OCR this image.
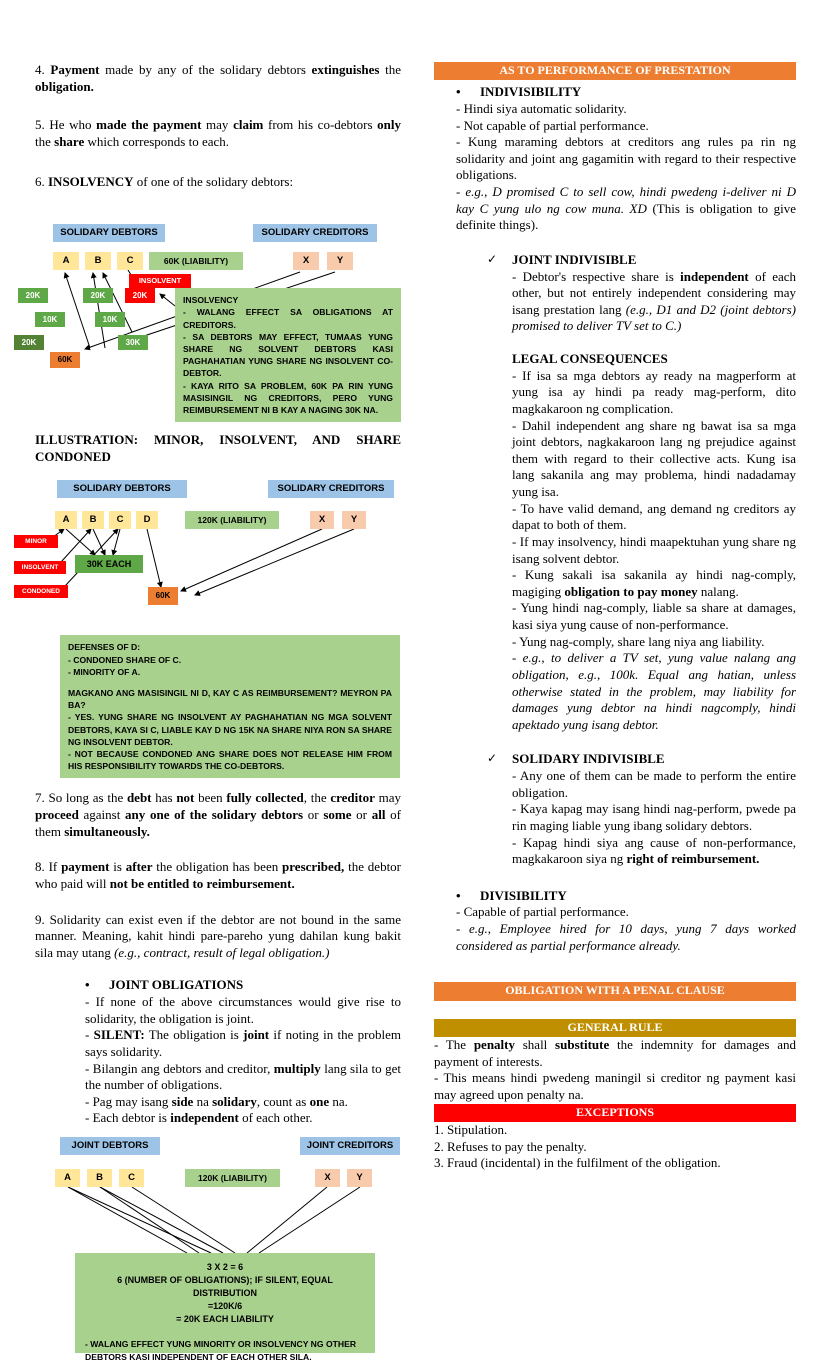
4. Payment made by any of the solidary debtors extinguishes the obligation.
5. He who made the payment may claim from his co-debtors only the share which corresponds to each.
6. INSOLVENCY of one of the solidary debtors:
SOLIDARY DEBTORS	SOLIDARY CREDITORS
A	B	C	60K (LIABILITY)	X	Y
INSOLVENT
20K	20K	20K
10K	10K
20K	30K
60K
INSOLVENCY
- WALANG EFFECT SA OBLIGATIONS AT CREDITORS.
- SA DEBTORS MAY EFFECT, TUMAAS YUNG SHARE NG SOLVENT DEBTORS KASI PAGHAHATIAN YUNG SHARE NG INSOLVENT CO-DEBTOR.
- KAYA RITO SA PROBLEM, 60K PA RIN YUNG MASISINGIL NG CREDITORS, PERO YUNG REIMBURSEMENT NI B KAY A NAGING 30K NA.
ILLUSTRATION: MINOR, INSOLVENT, AND SHARE CONDONED
SOLIDARY DEBTORS	SOLIDARY CREDITORS
A	B	C	D	120K (LIABILITY)	X	Y
MINOR
INSOLVENT
CONDONED
30K EACH
60K
DEFENSES OF D:
- CONDONED SHARE OF C.
- MINORITY OF A.
MAGKANO ANG MASISINGIL NI D, KAY C AS REIMBURSEMENT? MEYRON PA BA?
- YES. YUNG SHARE NG INSOLVENT AY PAGHAHATIAN NG MGA SOLVENT DEBTORS, KAYA SI C, LIABLE KAY D NG 15K NA SHARE NIYA RON SA SHARE NG INSOLVENT DEBTOR.
- NOT BECAUSE CONDONED ANG SHARE DOES NOT RELEASE HIM FROM HIS RESPONSIBILITY TOWARDS THE CO-DEBTORS.
7. So long as the debt has not been fully collected, the creditor may proceed against any one of the solidary debtors or some or all of them simultaneously.
8. If payment is after the obligation has been prescribed, the debtor who paid will not be entitled to reimbursement.
9. Solidarity can exist even if the debtor are not bound in the same manner. Meaning, kahit hindi pare-pareho yung dahilan kung bakit sila may utang (e.g., contract, result of legal obligation.)
• JOINT OBLIGATIONS
- If none of the above circumstances would give rise to solidarity, the obligation is joint.
- SILENT: The obligation is joint if noting in the problem says solidarity.
- Bilangin ang debtors and creditor, multiply lang sila to get the number of obligations.
- Pag may isang side na solidary, count as one na.
- Each debtor is independent of each other.
JOINT DEBTORS	JOINT CREDITORS
A	B	C	120K (LIABILITY)	X	Y
3 X 2 = 6
6 (NUMBER OF OBLIGATIONS); IF SILENT, EQUAL DISTRIBUTION
=120K/6
= 20K EACH LIABILITY
- WALANG EFFECT YUNG MINORITY OR INSOLVENCY NG OTHER DEBTORS KASI INDEPENDENT OF EACH OTHER SILA.
AS TO PERFORMANCE OF PRESTATION
• INDIVISIBILITY
- Hindi siya automatic solidarity.
- Not capable of partial performance.
- Kung maraming debtors at creditors ang rules pa rin ng solidarity and joint ang gagamitin with regard to their respective obligations.
- e.g., D promised C to sell cow, hindi pwedeng i-deliver ni D kay C yung ulo ng cow muna. XD (This is obligation to give definite things).
✓	JOINT INDIVISIBLE
- Debtor's respective share is independent of each other, but not entirely independent considering may isang prestation lang (e.g., D1 and D2 (joint debtors) promised to deliver TV set to C.)
LEGAL CONSEQUENCES
- If isa sa mga debtors ay ready na magperform at yung isa ay hindi pa ready mag-perform, dito magkakaroon ng complication.
- Dahil independent ang share ng bawat isa sa mga joint debtors, nagkakaroon lang ng prejudice against them with regard to their collective acts. Kung isa lang sakanila ang may problema, hindi nadadamay yung isa.
- To have valid demand, ang demand ng creditors ay dapat to both of them.
- If may insolvency, hindi maapektuhan yung share ng isang solvent debtor.
- Kung sakali isa sakanila ay hindi nag-comply, magiging obligation to pay money nalang.
- Yung hindi nag-comply, liable sa share at damages, kasi siya yung cause of non-performance.
- Yung nag-comply, share lang niya ang liability.
- e.g., to deliver a TV set, yung value nalang ang obligation, e.g., 100k. Equal ang hatian, unless otherwise stated in the problem, may liability for damages yung debtor na hindi nagcomply, hindi apektado yung isang debtor.
✓	SOLIDARY INDIVISIBLE
- Any one of them can be made to perform the entire obligation.
- Kaya kapag may isang hindi nag-perform, pwede pa rin maging liable yung ibang solidary debtors.
- Kapag hindi siya ang cause of non-performance, magkakaroon siya ng right of reimbursement.
• DIVISIBILITY
- Capable of partial performance.
- e.g., Employee hired for 10 days, yung 7 days worked considered as partial performance already.
OBLIGATION WITH A PENAL CLAUSE
GENERAL RULE
- The penalty shall substitute the indemnity for damages and payment of interests.
- This means hindi pwedeng maningil si creditor ng payment kasi may agreed upon penalty na.
EXCEPTIONS
1. Stipulation.
2. Refuses to pay the penalty.
3. Fraud (incidental) in the fulfilment of the obligation.
